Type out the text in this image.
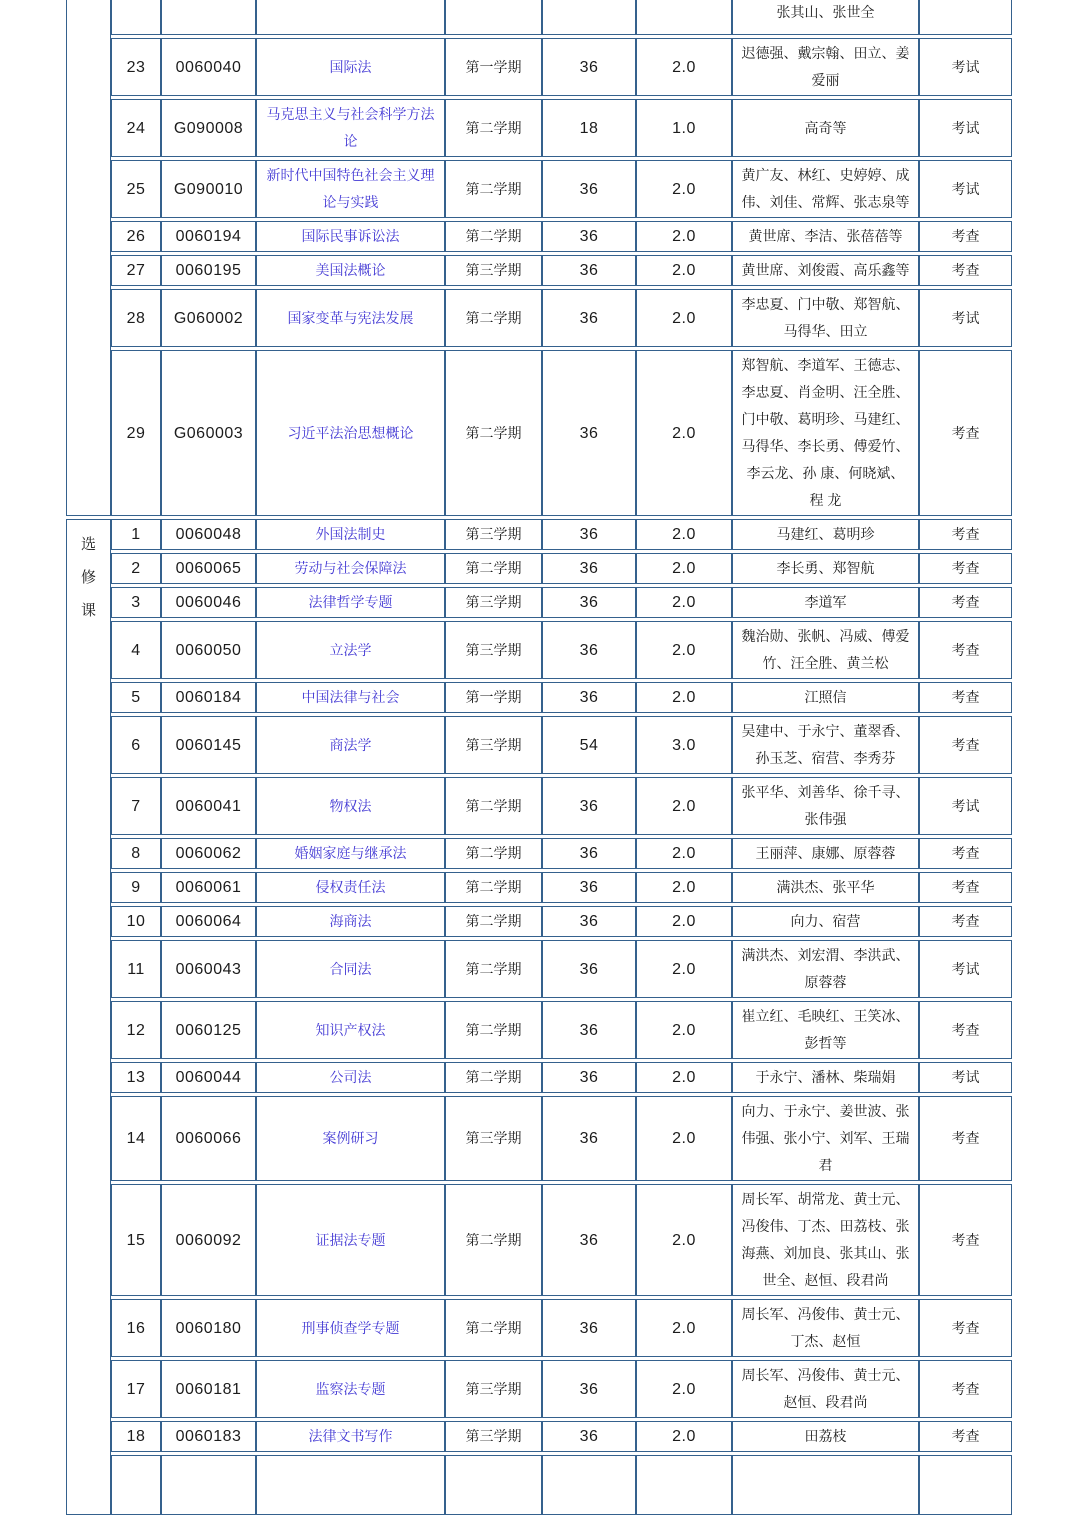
							张其山、张世全	
	23	0060040	国际法	第一学期	36	2.0	迟德强、戴宗翰、田立、姜爱丽	考试
	24	G090008	马克思主义与社会科学方法论	第二学期	18	1.0	高奇等	考试
	25	G090010	新时代中国特色社会主义理论与实践	第二学期	36	2.0	黄广友、林红、史婷婷、成伟、刘佳、常辉、张志泉等	考试
	26	0060194	国际民事诉讼法	第二学期	36	2.0	黄世席、李洁、张蓓蓓等	考查
	27	0060195	美国法概论	第三学期	36	2.0	黄世席、刘俊霞、高乐鑫等	考查
	28	G060002	国家变革与宪法发展	第二学期	36	2.0	李忠夏、门中敬、郑智航、马得华、田立	考试
	29	G060003	习近平法治思想概论	第二学期	36	2.0	郑智航、李道军、王德志、李忠夏、肖金明、汪全胜、门中敬、葛明珍、马建红、马得华、李长勇、傅爱竹、李云龙、孙 康、何晓斌、程 龙	考查

选
修
课	1	0060048	外国法制史	第三学期	36	2.0	马建红、葛明珍	考查
	2	0060065	劳动与社会保障法	第二学期	36	2.0	李长勇、郑智航	考查
	3	0060046	法律哲学专题	第三学期	36	2.0	李道军	考查
	4	0060050	立法学	第三学期	36	2.0	魏治勋、张帆、冯威、傅爱竹、汪全胜、黄兰松	考查
	5	0060184	中国法律与社会	第一学期	36	2.0	江照信	考查
	6	0060145	商法学	第三学期	54	3.0	吴建中、于永宁、董翠香、孙玉芝、宿营、李秀芬	考查
	7	0060041	物权法	第二学期	36	2.0	张平华、刘善华、徐千寻、张伟强	考试
	8	0060062	婚姻家庭与继承法	第二学期	36	2.0	王丽萍、康娜、原蓉蓉	考查
	9	0060061	侵权责任法	第二学期	36	2.0	满洪杰、张平华	考查
	10	0060064	海商法	第二学期	36	2.0	向力、宿营	考查
	11	0060043	合同法	第二学期	36	2.0	满洪杰、刘宏渭、李洪武、原蓉蓉	考试
	12	0060125	知识产权法	第二学期	36	2.0	崔立红、毛映红、王笑冰、彭哲等	考查
	13	0060044	公司法	第二学期	36	2.0	于永宁、潘林、柴瑞娟	考试
	14	0060066	案例研习	第三学期	36	2.0	向力、于永宁、姜世波、张伟强、张小宁、刘军、王瑞君	考查
	15	0060092	证据法专题	第二学期	36	2.0	周长军、胡常龙、黄士元、冯俊伟、丁杰、田荔枝、张海燕、刘加良、张其山、张世全、赵恒、段君尚	考查
	16	0060180	刑事侦查学专题	第二学期	36	2.0	周长军、冯俊伟、黄士元、丁杰、赵恒	考查
	17	0060181	监察法专题	第三学期	36	2.0	周长军、冯俊伟、黄士元、赵恒、段君尚	考查
	18	0060183	法律文书写作	第三学期	36	2.0	田荔枝	考查
